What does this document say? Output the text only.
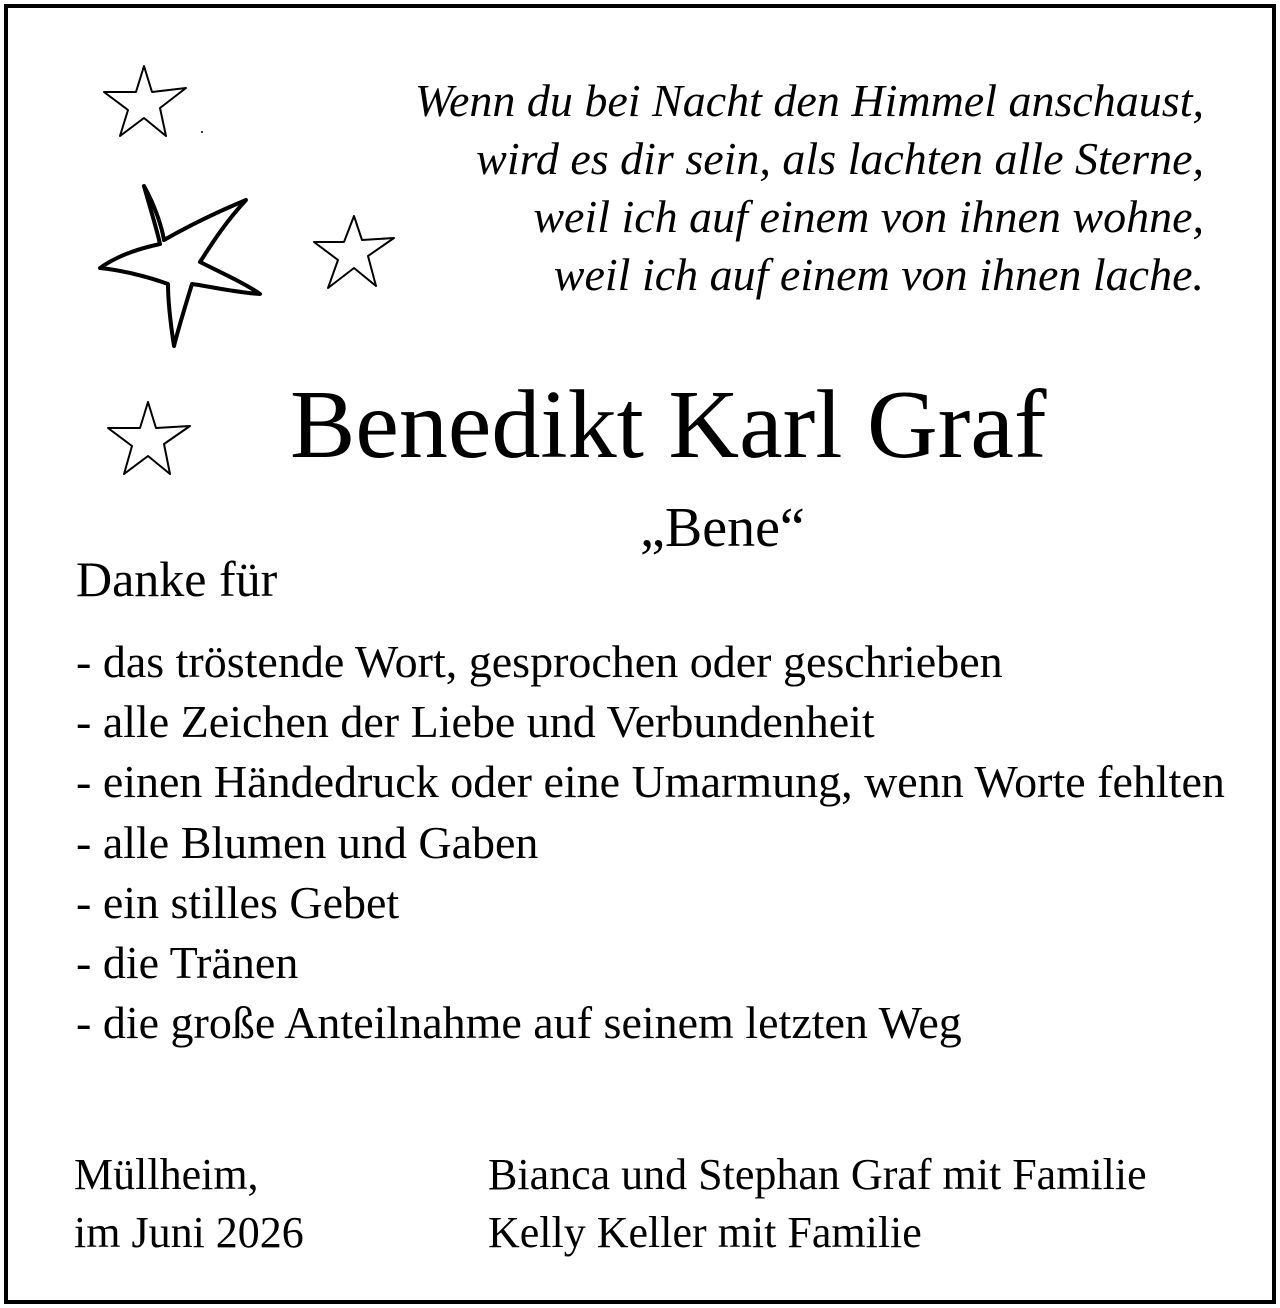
Wenn du bei Nacht den Himmel anschaust,
wird es dir sein, als lachten alle Sterne,
weil ich auf einem von ihnen wohne,
weil ich auf einem von ihnen lache.
Benedikt Karl Graf
„Bene“
Danke für
- das tröstende Wort, gesprochen oder geschrieben
- alle Zeichen der Liebe und Verbundenheit
- einen Händedruck oder eine Umarmung, wenn Worte fehlten
- alle Blumen und Gaben
- ein stilles Gebet
- die Tränen
- die große Anteilnahme auf seinem letzten Weg
Müllheim,
im Juni 2026
Bianca und Stephan Graf mit Familie
Kelly Keller mit Familie
